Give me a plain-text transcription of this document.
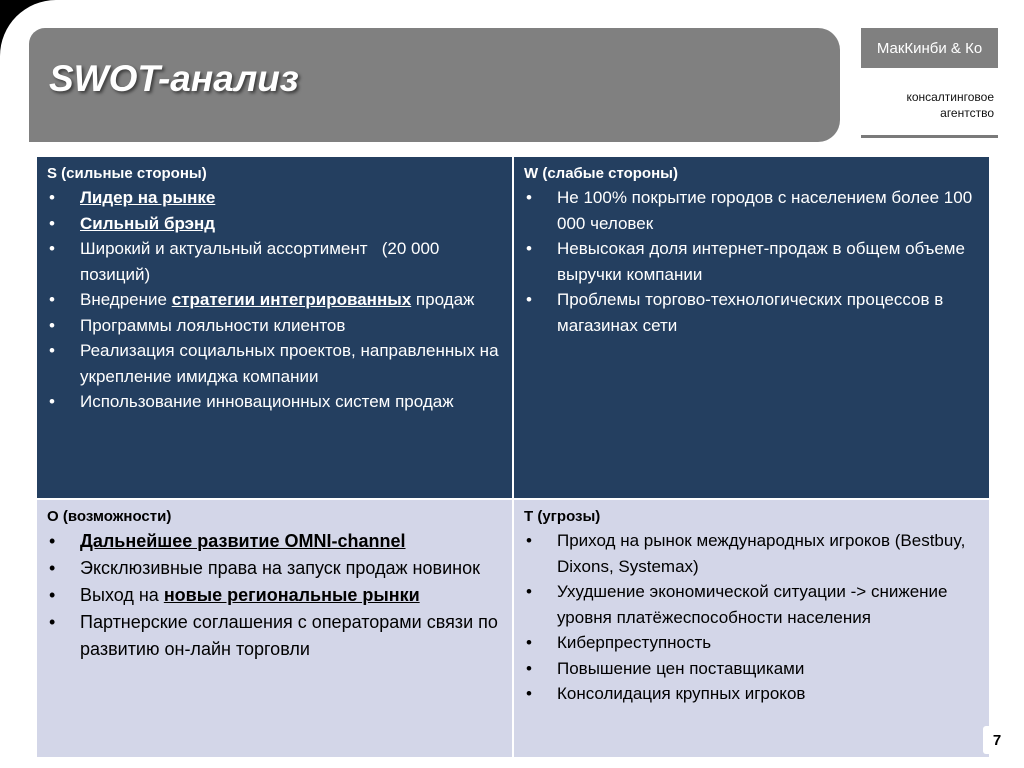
SWOT-анализ
МакКинби & Ко
консалтинговое
агентство
S (сильные стороны)
• Лидер на рынке
• Сильный брэнд
• Широкий и актуальный ассортимент   (20 000 позиций)
• Внедрение стратегии интегрированных продаж
• Программы лояльности клиентов
• Реализация социальных проектов, направленных на укрепление имиджа компании
• Использование инновационных систем продаж
W (слабые стороны)
• Не 100% покрытие городов с населением более 100 000 человек
• Невысокая доля интернет-продаж в общем объеме выручки компании
• Проблемы торгово-технологических процессов в магазинах сети
O (возможности)
• Дальнейшее развитие OMNI-channel
• Эксклюзивные права на запуск продаж новинок
• Выход на новые региональные рынки
• Партнерские соглашения с операторами связи по развитию он-лайн торговли
T (угрозы)
• Приход на рынок международных игроков (Bestbuy, Dixons, Systemax)
• Ухудшение экономической ситуации -> снижение уровня платёжеспособности населения
• Киберпреступность
• Повышение цен поставщиками
• Консолидация крупных игроков
7
